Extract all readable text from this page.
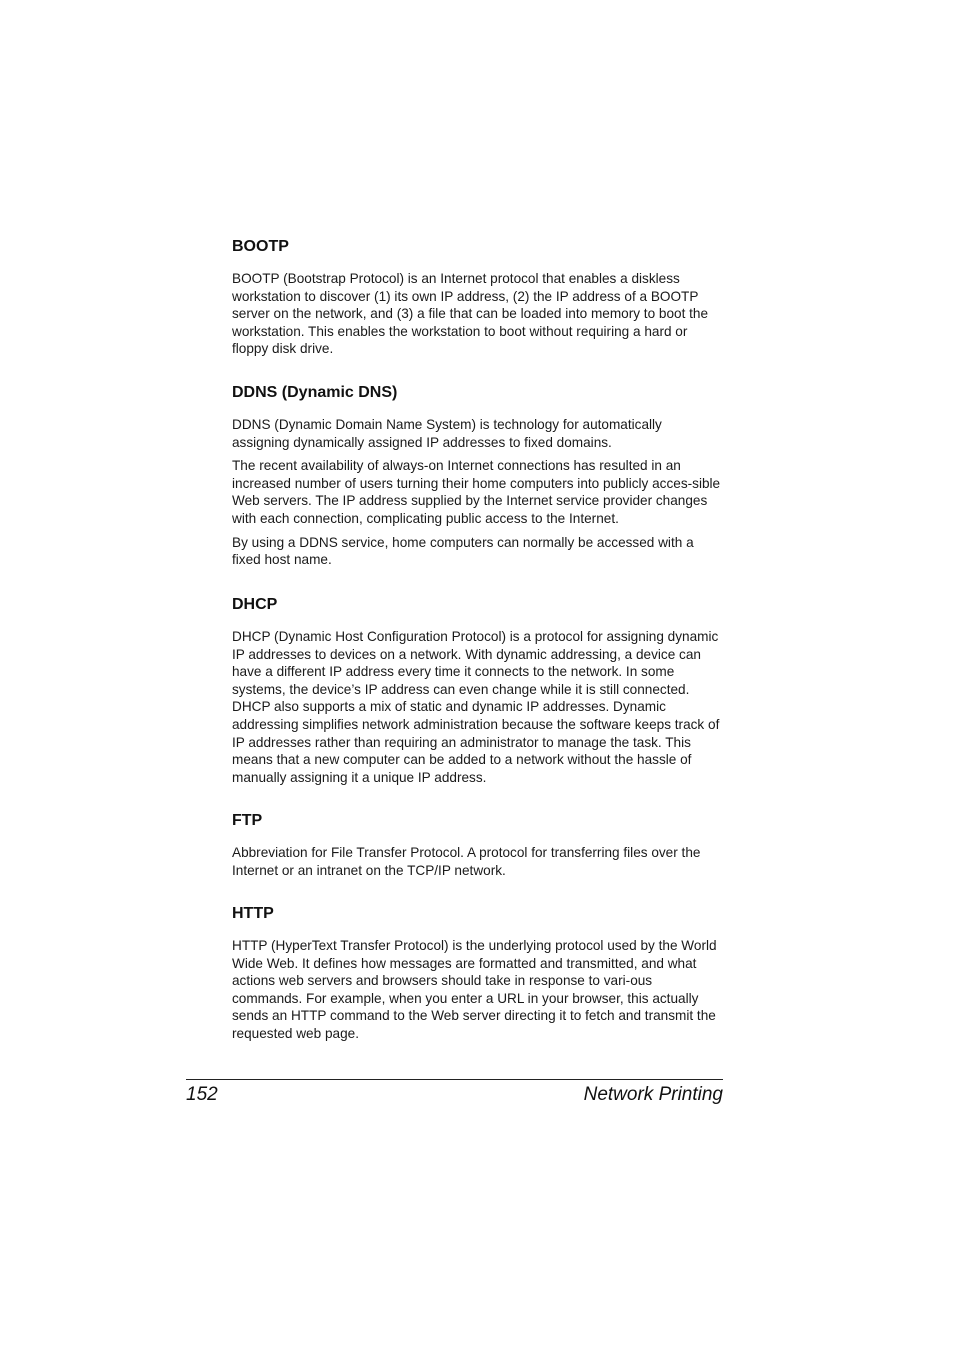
BOOTP

BOOTP (Bootstrap Protocol) is an Internet protocol that enables a diskless workstation to discover (1) its own IP address, (2) the IP address of a BOOTP server on the network, and (3) a file that can be loaded into memory to boot the workstation. This enables the workstation to boot without requiring a hard or floppy disk drive.

DDNS (Dynamic DNS)

DDNS (Dynamic Domain Name System) is technology for automatically assigning dynamically assigned IP addresses to fixed domains.

The recent availability of always-on Internet connections has resulted in an increased number of users turning their home computers into publicly acces-sible Web servers. The IP address supplied by the Internet service provider changes with each connection, complicating public access to the Internet.

By using a DDNS service, home computers can normally be accessed with a fixed host name.

DHCP

DHCP (Dynamic Host Configuration Protocol) is a protocol for assigning dynamic IP addresses to devices on a network. With dynamic addressing, a device can have a different IP address every time it connects to the network. In some systems, the device’s IP address can even change while it is still connected. DHCP also supports a mix of static and dynamic IP addresses. Dynamic addressing simplifies network administration because the software keeps track of IP addresses rather than requiring an administrator to manage the task. This means that a new computer can be added to a network without the hassle of manually assigning it a unique IP address.

FTP

Abbreviation for File Transfer Protocol. A protocol for transferring files over the Internet or an intranet on the TCP/IP network.

HTTP

HTTP (HyperText Transfer Protocol) is the underlying protocol used by the World Wide Web. It defines how messages are formatted and transmitted, and what actions web servers and browsers should take in response to vari-ous commands. For example, when you enter a URL in your browser, this actually sends an HTTP command to the Web server directing it to fetch and transmit the requested web page.

152	Network Printing
